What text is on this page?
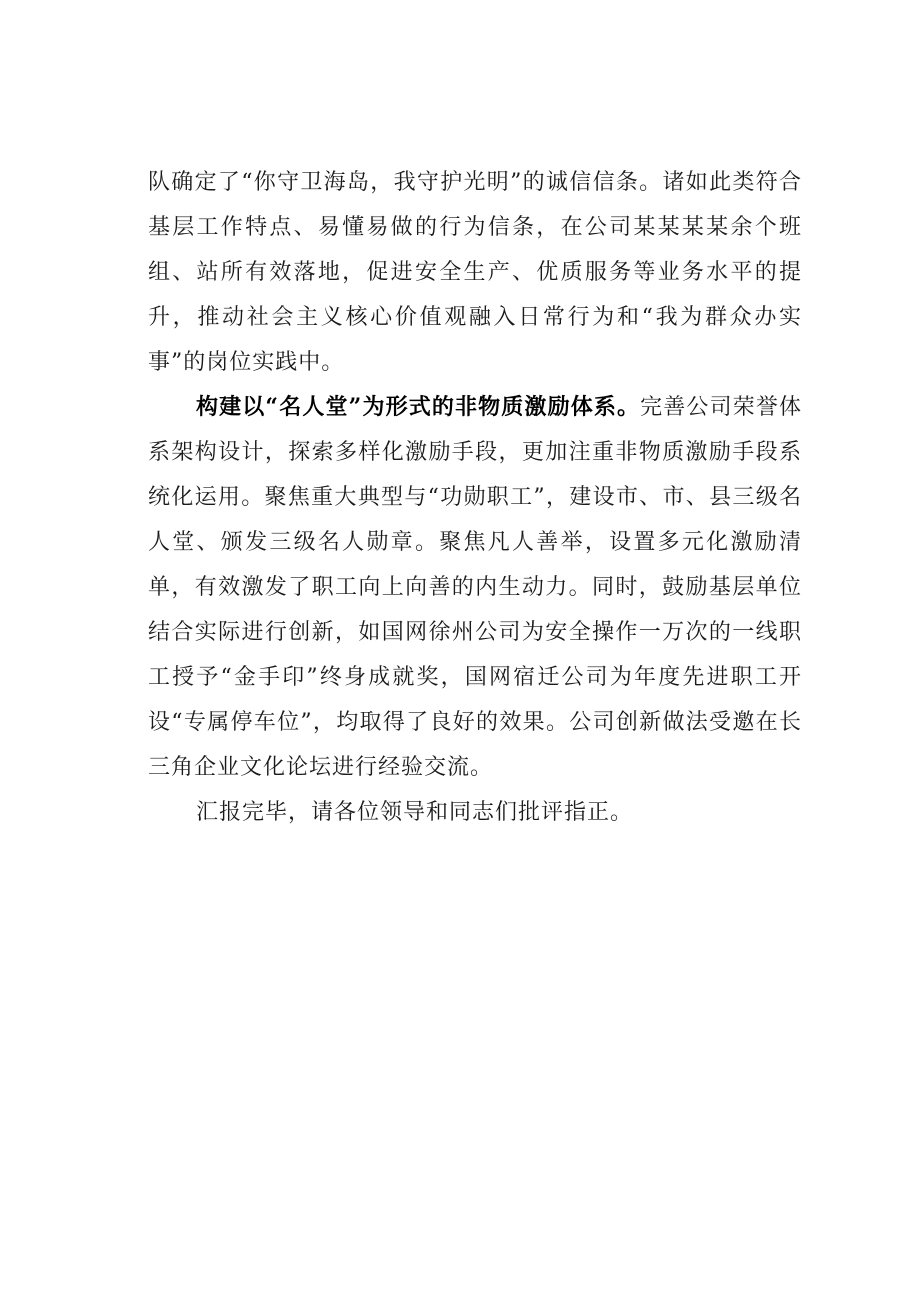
队确定了“你守卫海岛，我守护光明”的诚信信条。诸如此类符合基层工作特点、易懂易做的行为信条，在公司某某某某余个班组、站所有效落地，促进安全生产、优质服务等业务水平的提升，推动社会主义核心价值观融入日常行为和“我为群众办实事”的岗位实践中。

构建以“名人堂”为形式的非物质激励体系。完善公司荣誉体系架构设计，探索多样化激励手段，更加注重非物质激励手段系统化运用。聚焦重大典型与“功勋职工”，建设市、市、县三级名人堂、颁发三级名人勋章。聚焦凡人善举，设置多元化激励清单，有效激发了职工向上向善的内生动力。同时，鼓励基层单位结合实际进行创新，如国网徐州公司为安全操作一万次的一线职工授予“金手印”终身成就奖，国网宿迁公司为年度先进职工开设“专属停车位”，均取得了良好的效果。公司创新做法受邀在长三角企业文化论坛进行经验交流。

汇报完毕，请各位领导和同志们批评指正。
